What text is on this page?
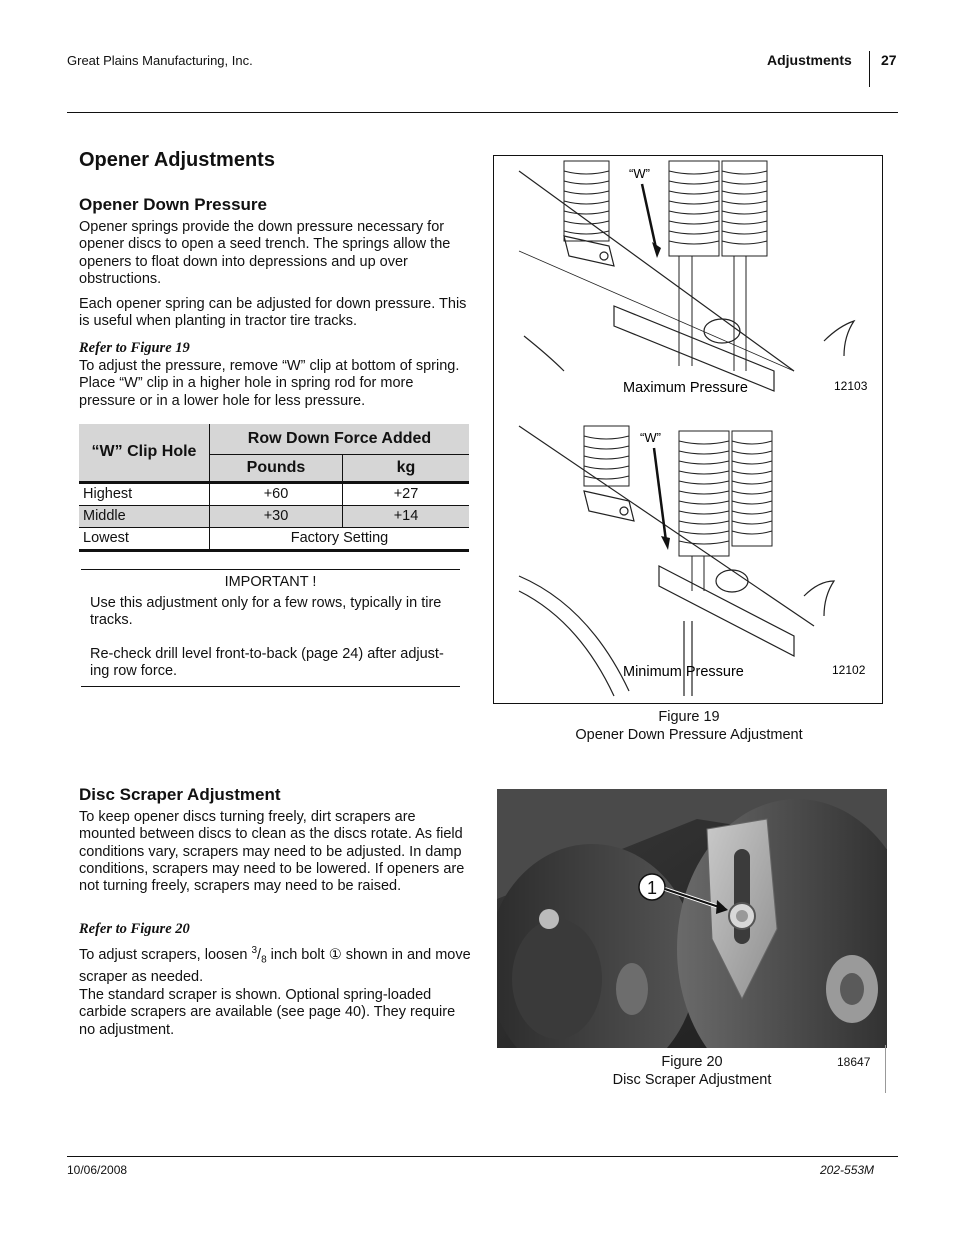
Great Plains Manufacturing, Inc.	Adjustments 27
Opener Adjustments
Opener Down Pressure

Opener springs provide the down pressure necessary for opener discs to open a seed trench. The springs allow the openers to float down into depressions and up over obstructions.

Each opener spring can be adjusted for down pressure. This is useful when planting in tractor tire tracks.

Refer to Figure 19

To adjust the pressure, remove “W” clip at bottom of spring. Place “W” clip in a higher hole in spring rod for more pressure or in a lower hole for less pressure.

“W” Clip Hole	Row Down Force Added	
	Pounds	kg
Highest	+60	+27
Middle	+30	+14
Lowest	Factory Setting	
IMPORTANT !
Use this adjustment only for a few rows, typically in tire tracks.
Re-check drill level front-to-back (page 24) after adjust-ing row force.
“W”
Maximum Pressure	12103
“W”
Minimum Pressure	12102
Figure 19
Opener Down Pressure Adjustment
Disc Scraper Adjustment

To keep opener discs turning freely, dirt scrapers are mounted between discs to clean as the discs rotate. As field conditions vary, scrapers may need to be adjusted. In damp conditions, scrapers may need to be lowered. If openers are not turning freely, scrapers may need to be raised.

Refer to Figure 20

To adjust scrapers, loosen $^3/_8$ inch bolt ① shown in and move scraper as needed.

The standard scraper is shown. Optional spring-loaded carbide scrapers are available (see page 40). They require no adjustment.

1
Figure 20
Disc Scraper Adjustment
18647
10/06/2008	202-553M
